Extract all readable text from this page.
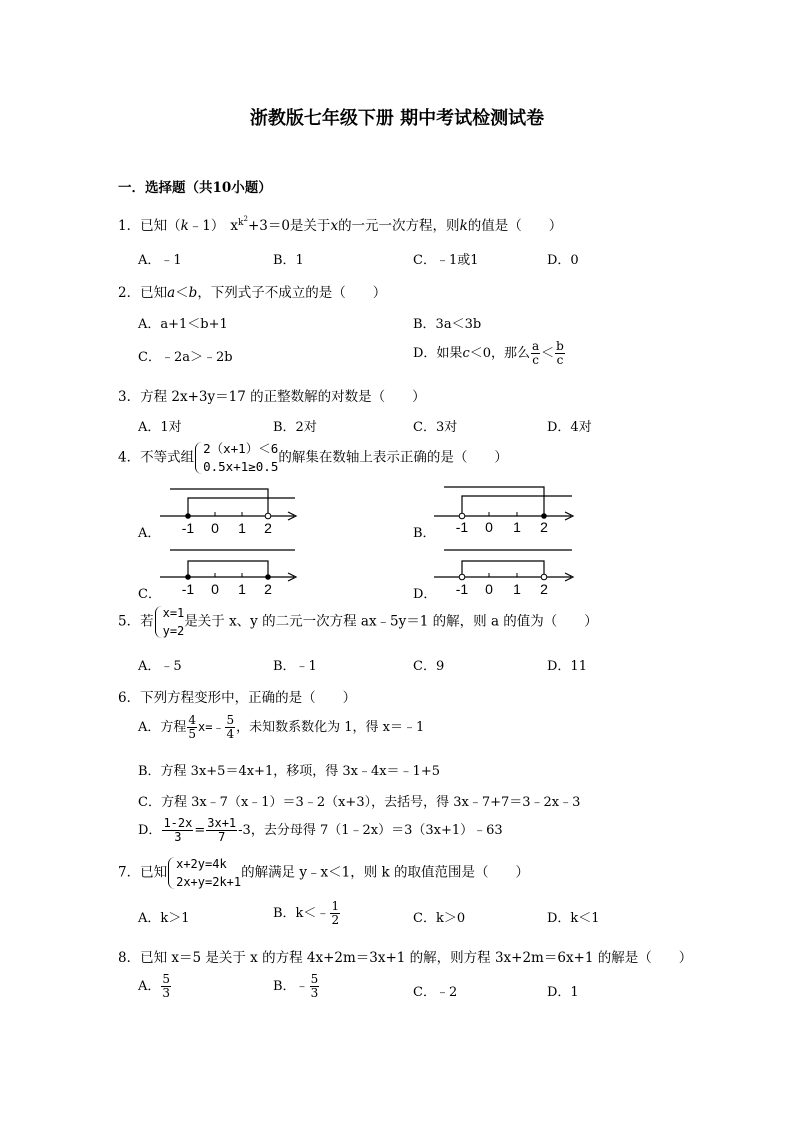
浙教版七年级下册 期中考试检测试卷
一．选择题（共10小题）
1．已知（k﹣1） $x^{k^2}+3=0$是关于x的一元一次方程，则k的值是（　　）
A．﹣1	B．1	C．﹣1或1	D．0
2．已知a＜b，下列式子不成立的是（　　）
A．a+1＜b+1	B．3a＜3b
C．﹣2a＞﹣2b	D．如果c＜0，那么 $\frac{a}{c} < \frac{b}{c}$
3．方程 2x+3y＝17 的正整数解的对数是（　　）
A．1对	B．2对	C．3对	D．4对
4．不等式组
2（x+1）＜6
0.5x+1≥0.5
的解集在数轴上表示正确的是（　　）
A．	B．
C．	D．
-1 0 1 2	-1 0 1 2
-1 0 1 2	-1 0 1 2
5．若
x=1
y=2
是关于 x、y 的二元一次方程 ax﹣5y＝1 的解，则 a 的值为（　　）
A．﹣5	B．﹣1	C．9	D．11
6．下列方程变形中，正确的是（　　）
A．方程 $\frac{4}{5}$ x=﹣ $\frac{5}{4}$ ，未知数系数化为 1，得 x＝﹣1
B．方程 3x+5＝4x+1，移项，得 3x﹣4x＝﹣1+5
C．方程 3x﹣7（x﹣1）＝3﹣2（x+3），去括号，得 3x﹣7+7＝3﹣2x﹣3
D． $\frac{1-2x}{3} = \frac{3x+1}{7} -3$，去分母得 7（1﹣2x）＝3（3x+1）﹣63
7．已知
x+2y=4k
2x+y=2k+1
的解满足 y﹣x＜1，则 k 的取值范围是（　　）
A．k＞1	B．k＜﹣ $\frac{1}{2}$	C．k＞0	D．k＜1
8．已知 x＝5 是关于 x 的方程 4x+2m＝3x+1 的解，则方程 3x+2m＝6x+1 的解是（　　）
A． $\frac{5}{3}$	B．﹣ $\frac{5}{3}$	C．﹣2	D．1
